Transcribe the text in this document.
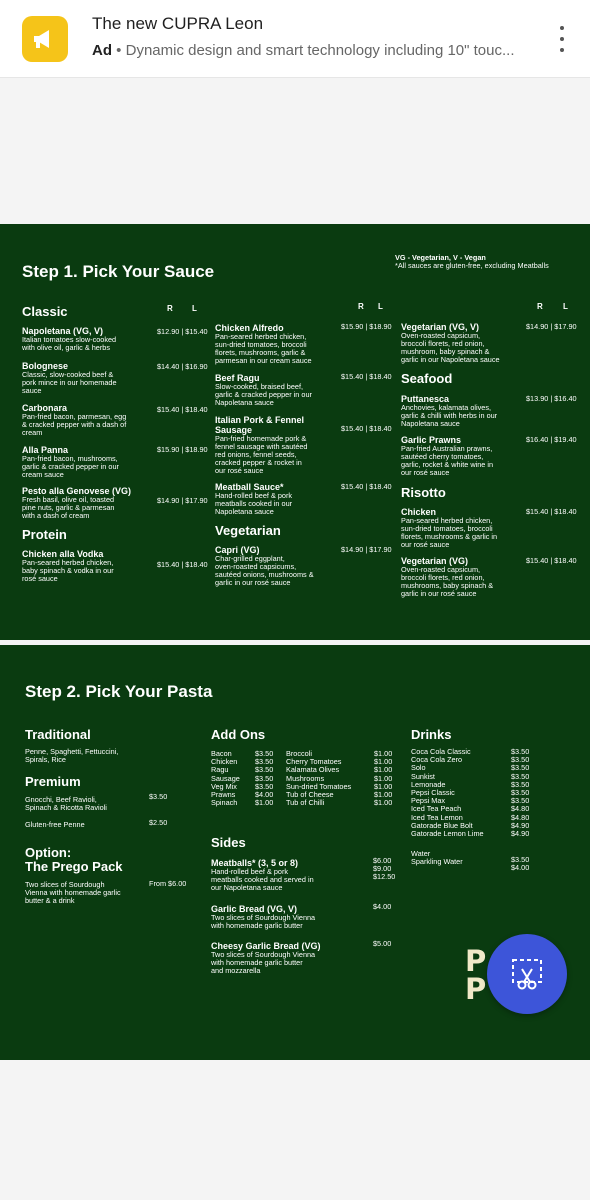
The new CUPRA Leon
Ad • Dynamic design and smart technology including 10" touc...
Step 1. Pick Your Sauce
VG - Vegetarian, V - Vegan
*All sauces are gluten-free, excluding Meatballs
R L	R L	R	L
Classic
Napoletana (VG, V)
Italian tomatoes slow-cooked
with olive oil, garlic & herbs
$12.90 | $15.40
Bolognese
Classic, slow-cooked beef &
pork mince in our homemade
sauce
$14.40 | $16.90
Carbonara
Pan-fried bacon, parmesan, egg
& cracked pepper with a dash of
cream
$15.40 | $18.40
Alla Panna
Pan-fried bacon, mushrooms,
garlic & cracked pepper in our
cream sauce
$15.90 | $18.90
Pesto alla Genovese (VG)
Fresh basil, olive oil, toasted
pine nuts, garlic & parmesan
with a dash of cream
$14.90 | $17.90
Protein
Chicken alla Vodka
Pan-seared herbed chicken,
baby spinach & vodka in our
rosé sauce
$15.40 | $18.40
Chicken Alfredo
Pan-seared herbed chicken,
sun-dried tomatoes, broccoli
florets, mushrooms, garlic &
parmesan in our cream sauce
$15.90 | $18.90
Beef Ragu
Slow-cooked, braised beef,
garlic & cracked pepper in our
Napoletana sauce
$15.40 | $18.40
Italian Pork & Fennel
Sausage
Pan-fried homemade pork &
fennel sausage with sautéed
red onions, fennel seeds,
cracked pepper & rocket in
our rosé sauce
$15.40 | $18.40
Meatball Sauce*
Hand-rolled beef & pork
meatballs cooked in our
Napoletana sauce
$15.40 | $18.40
Vegetarian
Capri (VG)
Char-grilled eggplant,
oven-roasted capsicums,
sautéed onions, mushrooms &
garlic in our rosé sauce
$14.90 | $17.90
Vegetarian (VG, V)
Oven-roasted capsicum,
broccoli florets, red onion,
mushroom, baby spinach &
garlic in our Napoletana sauce
$14.90 | $17.90
Seafood
Puttanesca
Anchovies, kalamata olives,
garlic & chilli with herbs in our
Napoletana sauce
$13.90 | $16.40
Garlic Prawns
Pan-fried Australian prawns,
sautéed cherry tomatoes,
garlic, rocket & white wine in
our rosé sauce
$16.40 | $19.40
Risotto
Chicken
Pan-seared herbed chicken,
sun-dried tomatoes, broccoli
florets, mushrooms & garlic in
our rosé sauce
$15.40 | $18.40
Vegetarian (VG)
Oven-roasted capsicum,
broccoli florets, red onion,
mushrooms, baby spinach &
garlic in our rosé sauce
$15.40 | $18.40
Step 2. Pick Your Pasta
Traditional
Penne, Spaghetti, Fettuccini,
Spirals, Rice
Premium
Gnocchi, Beef Ravioli,
Spinach & Ricotta Ravioli
$3.50
Gluten-free Penne	$2.50
Option:
The Prego Pack
Two slices of Sourdough
Vienna with homemade garlic
butter & a drink
From $6.00
Add Ons
Bacon	$3.50
Chicken $3.50
Ragu	$3.50
Sausage $3.50
Veg Mix $3.50
Prawns	$4.00
Spinach $1.00
Broccoli	$1.00
Cherry Tomatoes	$1.00
Kalamata Olives	$1.00
Mushrooms	$1.00
Sun-dried Tomatoes	$1.00
Tub of Cheese	$1.00
Tub of Chilli	$1.00
Sides
Meatballs* (3, 5 or 8)
Hand-rolled beef & pork
meatballs cooked and served in
our Napoletana sauce
$6.00
$9.00
$12.50
Garlic Bread (VG, V)
Two slices of Sourdough Vienna
with homemade garlic butter
$4.00
Cheesy Garlic Bread (VG)
Two slices of Sourdough Vienna
with homemade garlic butter
and mozzarella
$5.00
Drinks
Coca Cola Classic	$3.50
Coca Cola Zero	$3.50
Solo	$3.50
Sunkist	$3.50
Lemonade	$3.50
Pepsi Classic	$3.50
Pepsi Max	$3.50
Iced Tea Peach	$4.80
Iced Tea Lemon	$4.80
Gatorade Blue Bolt	$4.90
Gatorade Lemon Lime	$4.90
Water
Sparkling Water	$3.50
$4.00
P
P
